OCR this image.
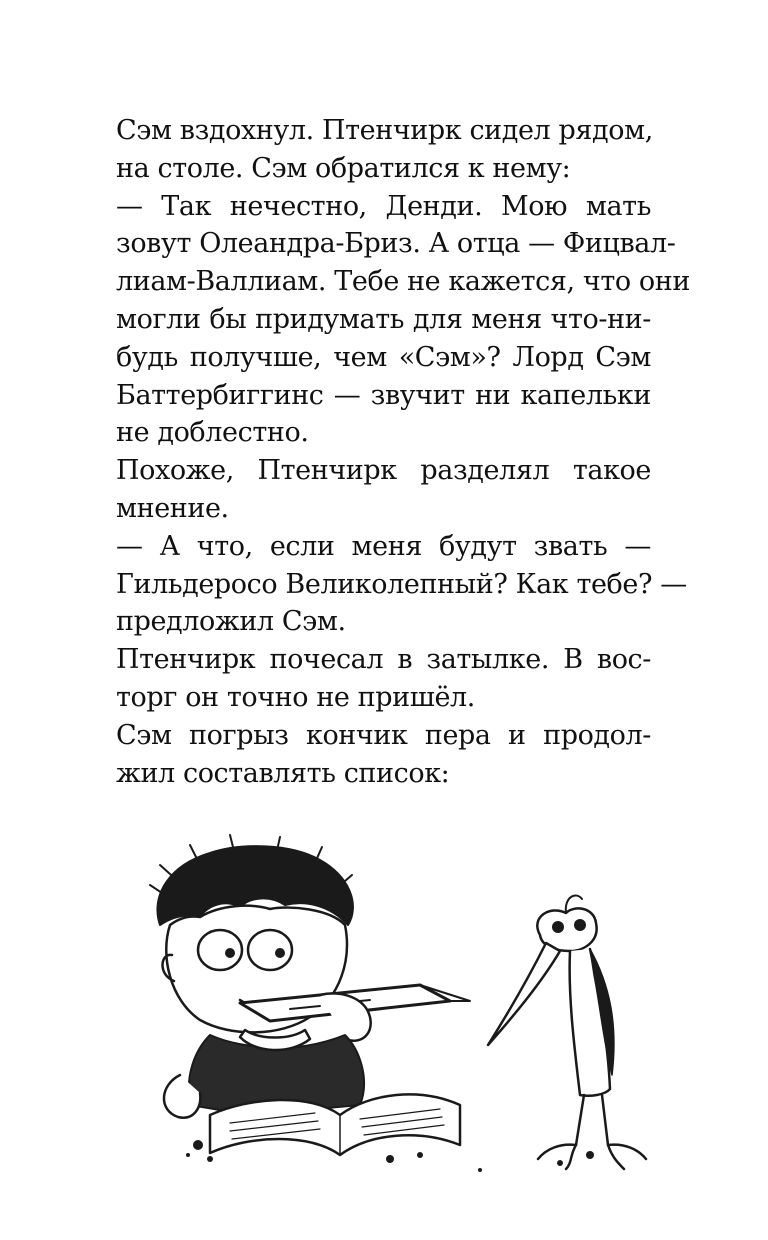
Сэм вздохнул. Птенчирк сидел рядом,
на столе. Сэм обратился к нему:
— Так нечестно, Денди. Мою мать
зовут Олеандра-Бриз. А отца — Фицвал-
лиам-Валлиам. Тебе не кажется, что они
могли бы придумать для меня что-ни-
будь получше, чем «Сэм»? Лорд Сэм
Баттербиггинс — звучит ни капельки
не доблестно.
Похоже, Птенчирк разделял такое
мнение.
— А что, если меня будут звать —
Гильдеросо Великолепный? Как тебе? —
предложил Сэм.
Птенчирк почесал в затылке. В вос-
торг он точно не пришёл.
Сэм погрыз кончик пера и продол-
жил составлять список:
